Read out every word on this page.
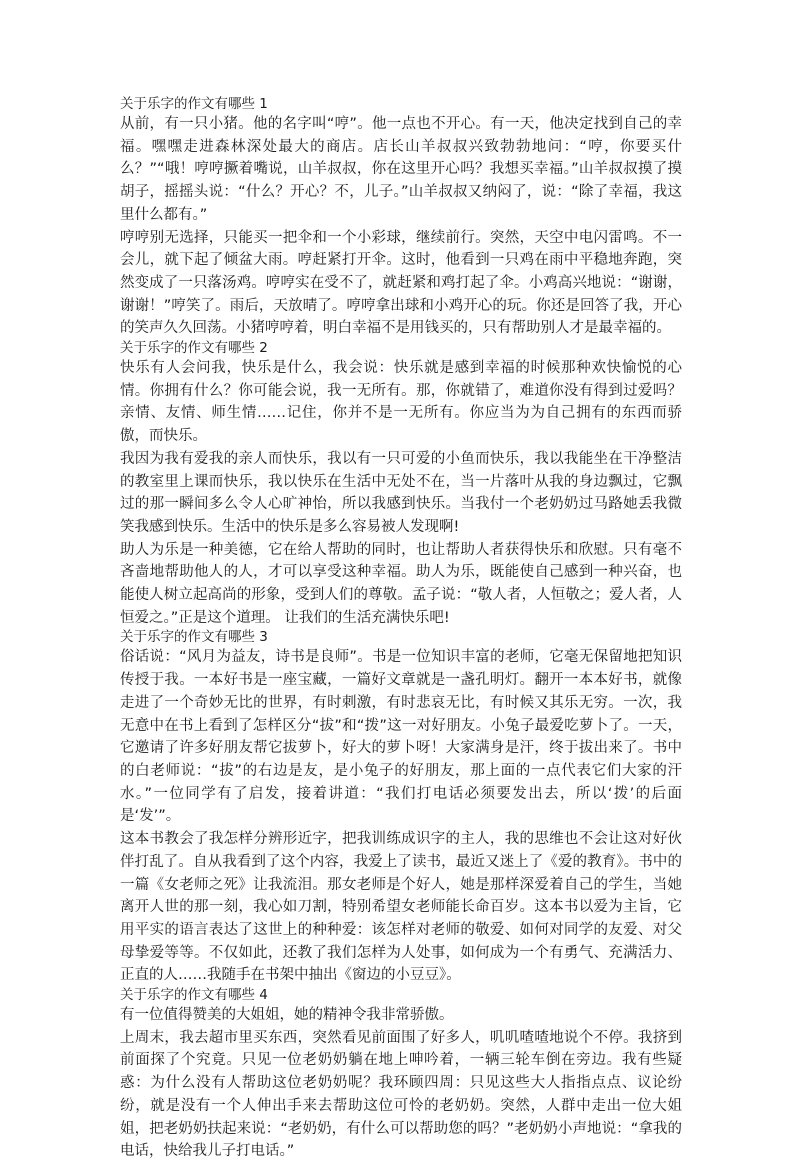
关于乐字的作文有哪些 1

从前，有一只小猪。他的名字叫“哼”。他一点也不开心。有一天，他决定找到自己的幸福。嘿嘿走进森林深处最大的商店。店长山羊叔叔兴致勃勃地问：“哼，你要买什么？”“哦！哼哼撅着嘴说，山羊叔叔，你在这里开心吗？我想买幸福。”山羊叔叔摸了摸胡子，摇摇头说：“什么？开心？不，儿子。”山羊叔叔又纳闷了，说：“除了幸福，我这里什么都有。”

哼哼别无选择，只能买一把伞和一个小彩球，继续前行。突然，天空中电闪雷鸣。不一会儿，就下起了倾盆大雨。哼赶紧打开伞。这时，他看到一只鸡在雨中平稳地奔跑，突然变成了一只落汤鸡。哼哼实在受不了，就赶紧和鸡打起了伞。小鸡高兴地说：“谢谢，谢谢！”哼笑了。雨后，天放晴了。哼哼拿出球和小鸡开心的玩。你还是回答了我，开心的笑声久久回荡。小猪哼哼着，明白幸福不是用钱买的，只有帮助别人才是最幸福的。

关于乐字的作文有哪些 2

快乐有人会问我，快乐是什么，我会说：快乐就是感到幸福的时候那种欢快愉悦的心情。你拥有什么？你可能会说，我一无所有。那，你就错了，难道你没有得到过爱吗？亲情、友情、师生情……记住，你并不是一无所有。你应当为为自己拥有的东西而骄傲，而快乐。

我因为我有爱我的亲人而快乐，我以有一只可爱的小鱼而快乐，我以我能坐在干净整洁的教室里上课而快乐，我以快乐在生活中无处不在，当一片落叶从我的身边飘过，它飘过的那一瞬间多么令人心旷神怡，所以我感到快乐。当我付一个老奶奶过马路她丢我微笑我感到快乐。生活中的快乐是多么容易被人发现啊!

助人为乐是一种美德，它在给人帮助的同时，也让帮助人者获得快乐和欣慰。只有毫不吝啬地帮助他人的人，才可以享受这种幸福。助人为乐，既能使自己感到一种兴奋，也能使人树立起高尚的形象，受到人们的尊敬。孟子说：“敬人者，人恒敬之；爱人者，人恒爱之。”正是这个道理。 让我们的生活充满快乐吧!

关于乐字的作文有哪些 3

俗话说：“风月为益友，诗书是良师”。书是一位知识丰富的老师，它毫无保留地把知识传授于我。一本好书是一座宝藏，一篇好文章就是一盏孔明灯。翻开一本本好书，就像走进了一个奇妙无比的世界，有时刺激，有时悲哀无比，有时候又其乐无穷。一次，我无意中在书上看到了怎样区分“拔”和“拨”这一对好朋友。小兔子最爱吃萝卜了。一天，它邀请了许多好朋友帮它拔萝卜，好大的萝卜呀！大家满身是汗，终于拔出来了。书中的白老师说：“拔”的右边是友，是小兔子的好朋友，那上面的一点代表它们大家的汗水。”一位同学有了启发，接着讲道：“我们打电话必须要发出去，所以‘拨’的后面是‘发’”。

这本书教会了我怎样分辨形近字，把我训练成识字的主人，我的思维也不会让这对好伙伴打乱了。自从我看到了这个内容，我爱上了读书，最近又迷上了《爱的教育》。书中的一篇《女老师之死》让我流泪。那女老师是个好人，她是那样深爱着自己的学生，当她离开人世的那一刻，我心如刀割，特别希望女老师能长命百岁。这本书以爱为主旨，它用平实的语言表达了这世上的种种爱：该怎样对老师的敬爱、如何对同学的友爱、对父母挚爱等等。不仅如此，还教了我们怎样为人处事，如何成为一个有勇气、充满活力、正直的人……我随手在书架中抽出《窗边的小豆豆》。

关于乐字的作文有哪些 4

有一位值得赞美的大姐姐，她的精神令我非常骄傲。

上周末，我去超市里买东西，突然看见前面围了好多人，叽叽喳喳地说个不停。我挤到前面探了个究竟。只见一位老奶奶躺在地上呻吟着，一辆三轮车倒在旁边。我有些疑惑：为什么没有人帮助这位老奶奶呢？我环顾四周：只见这些大人指指点点、议论纷纷，就是没有一个人伸出手来去帮助这位可怜的老奶奶。突然，人群中走出一位大姐姐，把老奶奶扶起来说：“老奶奶，有什么可以帮助您的吗？”老奶奶小声地说：“拿我的电话，快给我儿子打电话。”
